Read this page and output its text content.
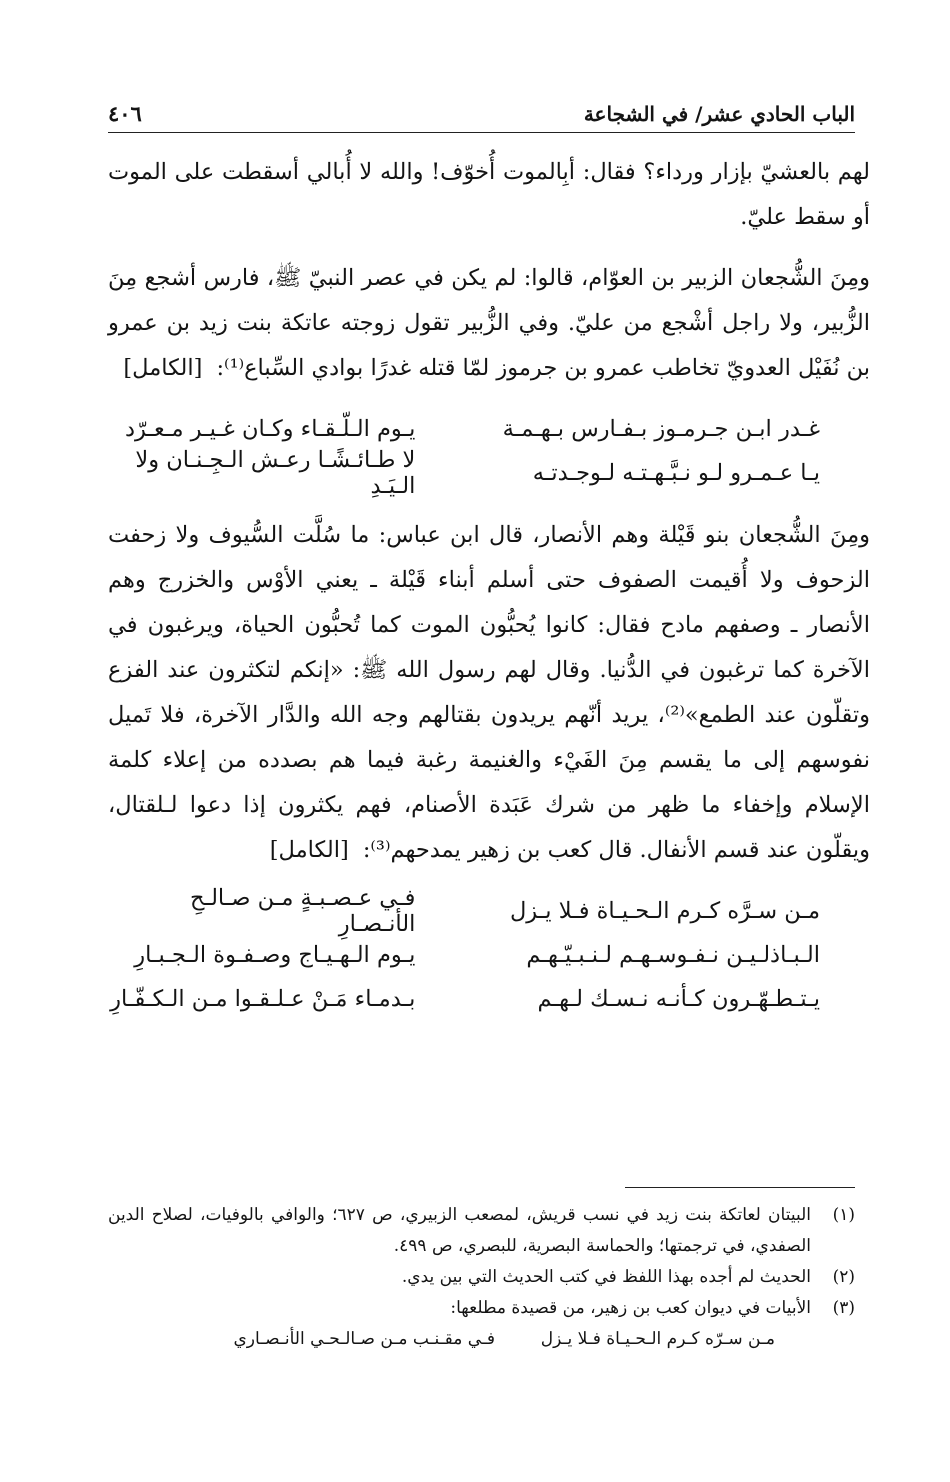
الباب الحادي عشر/ في الشجاعة
٤٠٦

لهم بالعشيّ بإزار ورداء؟ فقال: أبِالموت أُخوّف! والله لا أُبالي أسقطت على الموت أو سقط عليّ.

ومِنَ الشُّجعان الزبير بن العوّام، قالوا: لم يكن في عصر النبيّ ﷺ، فارس أشجع مِنَ الزُّبير، ولا راجل أشْجع من عليّ. وفي الزُّبير تقول زوجته عاتكة بنت زيد بن عمرو بن نُفَيْل العدويّ تخاطب عمرو بن جرموز لمّا قتله غدرًا بوادي السِّباع⁽¹⁾:[الكامل]

غـدر ابـن جـرمـوز بـفـارس بـهـمـة
يـوم الـلّـقـاء وكـان غـيـر مـعـرّد
يـا عـمـرو لـو نـبَّـهـتـه لـوجـدتـه
لا طـائـشًـا رعـش الـجِـنـان ولا الـيَـدِ

ومِنَ الشُّجعان بنو قَيْلة وهم الأنصار، قال ابن عباس: ما سُلَّت السُّيوف ولا زحفت الزحوف ولا أُقيمت الصفوف حتى أسلم أبناء قَيْلة ـ يعني الأوْس والخزرج وهم الأنصار ـ وصفهم مادح فقال: كانوا يُحبُّون الموت كما تُحبُّون الحياة، ويرغبون في الآخرة كما ترغبون في الدُّنيا. وقال لهم رسول الله ﷺ: «إنكم لتكثرون عند الفزع وتقلّون عند الطمع»⁽²⁾، يريد أنّهم يريدون بقتالهم وجه الله والدَّار الآخرة، فلا تَميل نفوسهم إلى ما يقسم مِنَ الفَيْء والغنيمة رغبة فيما هم بصدده من إعلاء كلمة الإسلام وإخفاء ما ظهر من شرك عَبَدة الأصنام، فهم يكثرون إذا دعوا لـلقتال، ويقلّون عند قسم الأنفال. قال كعب بن زهير يمدحهم⁽³⁾:[الكامل]

مـن سـرَّه كـرم الـحـيـاة فـلا يـزل
فـي عـصـبـةٍ مـن صـالـحِ الأنـصـارِ
الـبـاذلـيـن نـفـوسـهـم لـنـبـيّـهـم
يـوم الـهـيـاج وصـفـوة الـجـبـارِ
يـتـطـهّـرون كـأنـه نـسـك لـهـم
بـدمـاء مَـنْ عـلـقـوا مـن الـكـفّـارِ
(١)
البيتان لعاتكة بنت زيد في نسب قريش، لمصعب الزبيري، ص ٦٢٧؛ والوافي بالوفيات، لصلاح الدين الصفدي، في ترجمتها؛ والحماسة البصرية، للبصري، ص ٤٩٩.
(٢)
الحديث لم أجده بهذا اللفظ في كتب الحديث التي بين يدي.
(٣)
الأبيات في ديوان كعب بن زهير، من قصيدة مطلعها:
مـن سـرّه كـرم الـحـيـاة فـلا يـزل
فـي مقـنـب مـن صـالـحـي الأنـصـاري
